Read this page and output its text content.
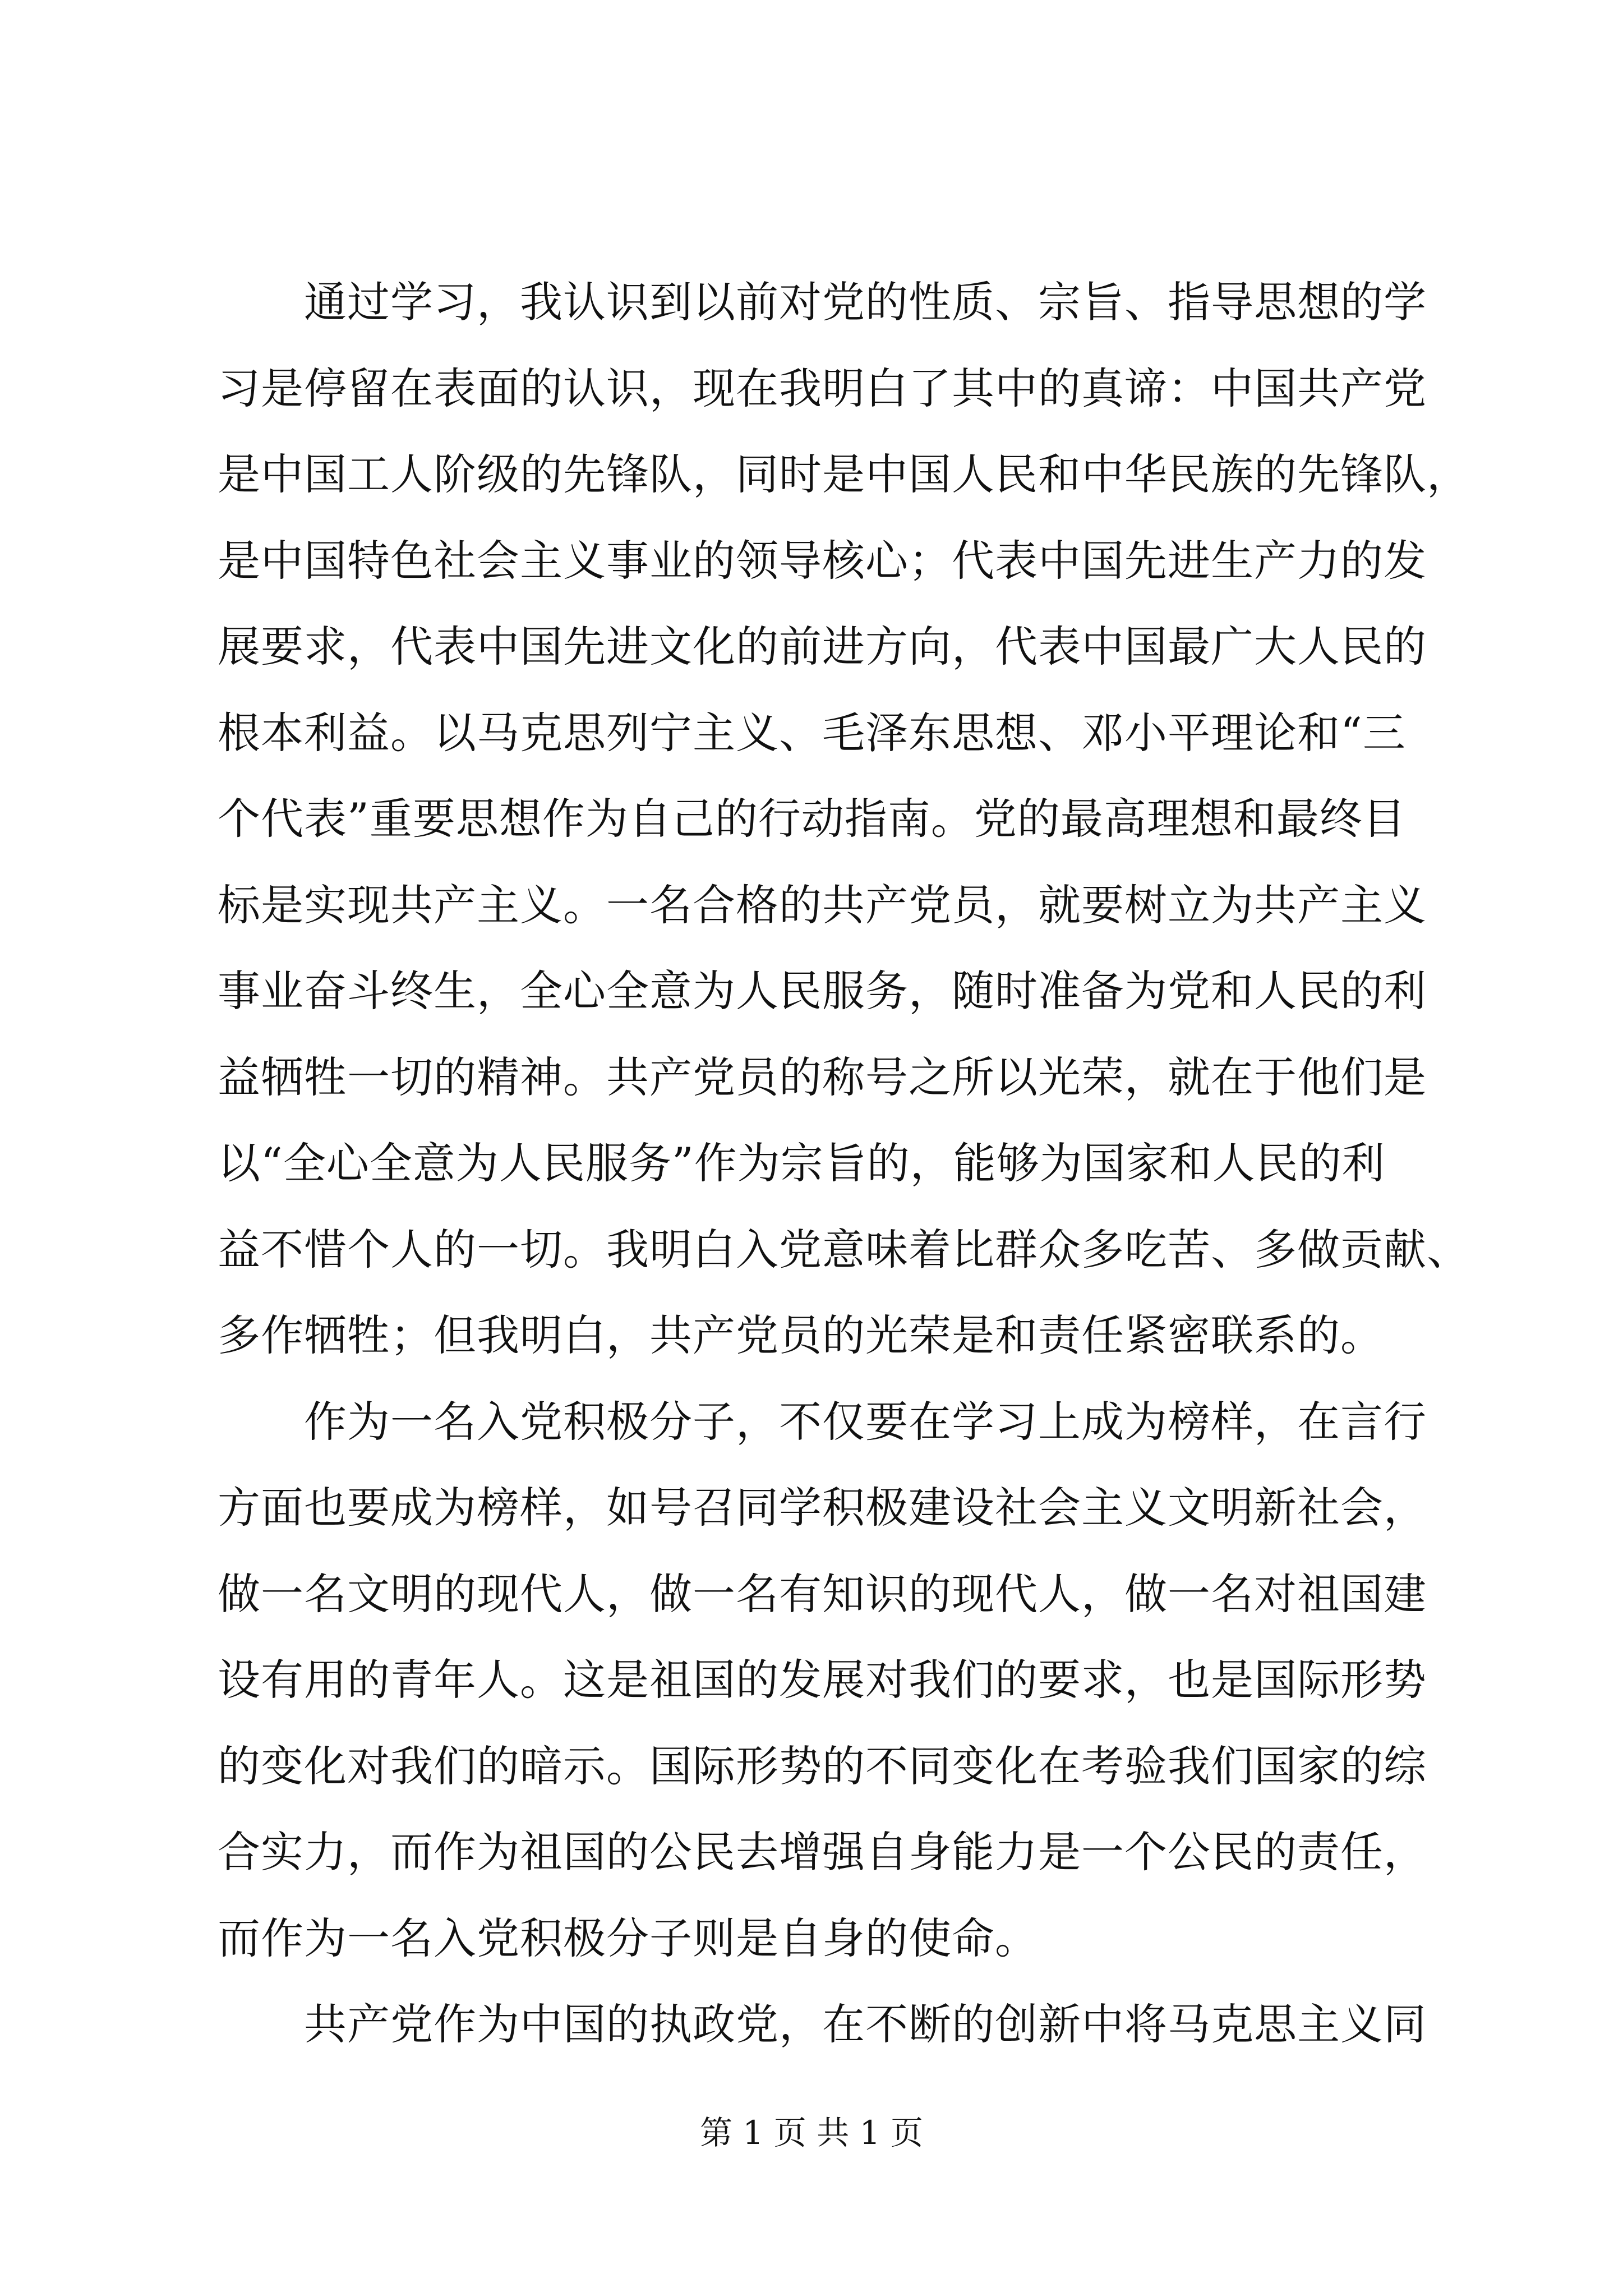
通过学习，我认识到以前对党的性质、宗旨、指导思想的学
习是停留在表面的认识，现在我明白了其中的真谛：中国共产党
是中国工人阶级的先锋队，同时是中国人民和中华民族的先锋队，
是中国特色社会主义事业的领导核心；代表中国先进生产力的发
展要求，代表中国先进文化的前进方向，代表中国最广大人民的
根本利益。以马克思列宁主义、毛泽东思想、邓小平理论和“三
个代表”重要思想作为自己的行动指南。党的最高理想和最终目
标是实现共产主义。一名合格的共产党员，就要树立为共产主义
事业奋斗终生，全心全意为人民服务，随时准备为党和人民的利
益牺牲一切的精神。共产党员的称号之所以光荣，就在于他们是
以“全心全意为人民服务”作为宗旨的，能够为国家和人民的利
益不惜个人的一切。我明白入党意味着比群众多吃苦、多做贡献、
多作牺牲；但我明白，共产党员的光荣是和责任紧密联系的。
作为一名入党积极分子，不仅要在学习上成为榜样，在言行
方面也要成为榜样，如号召同学积极建设社会主义文明新社会，
做一名文明的现代人，做一名有知识的现代人，做一名对祖国建
设有用的青年人。这是祖国的发展对我们的要求，也是国际形势
的变化对我们的暗示。国际形势的不同变化在考验我们国家的综
合实力，而作为祖国的公民去增强自身能力是一个公民的责任，
而作为一名入党积极分子则是自身的使命。
共产党作为中国的执政党，在不断的创新中将马克思主义同
第 1 页 共 1 页
